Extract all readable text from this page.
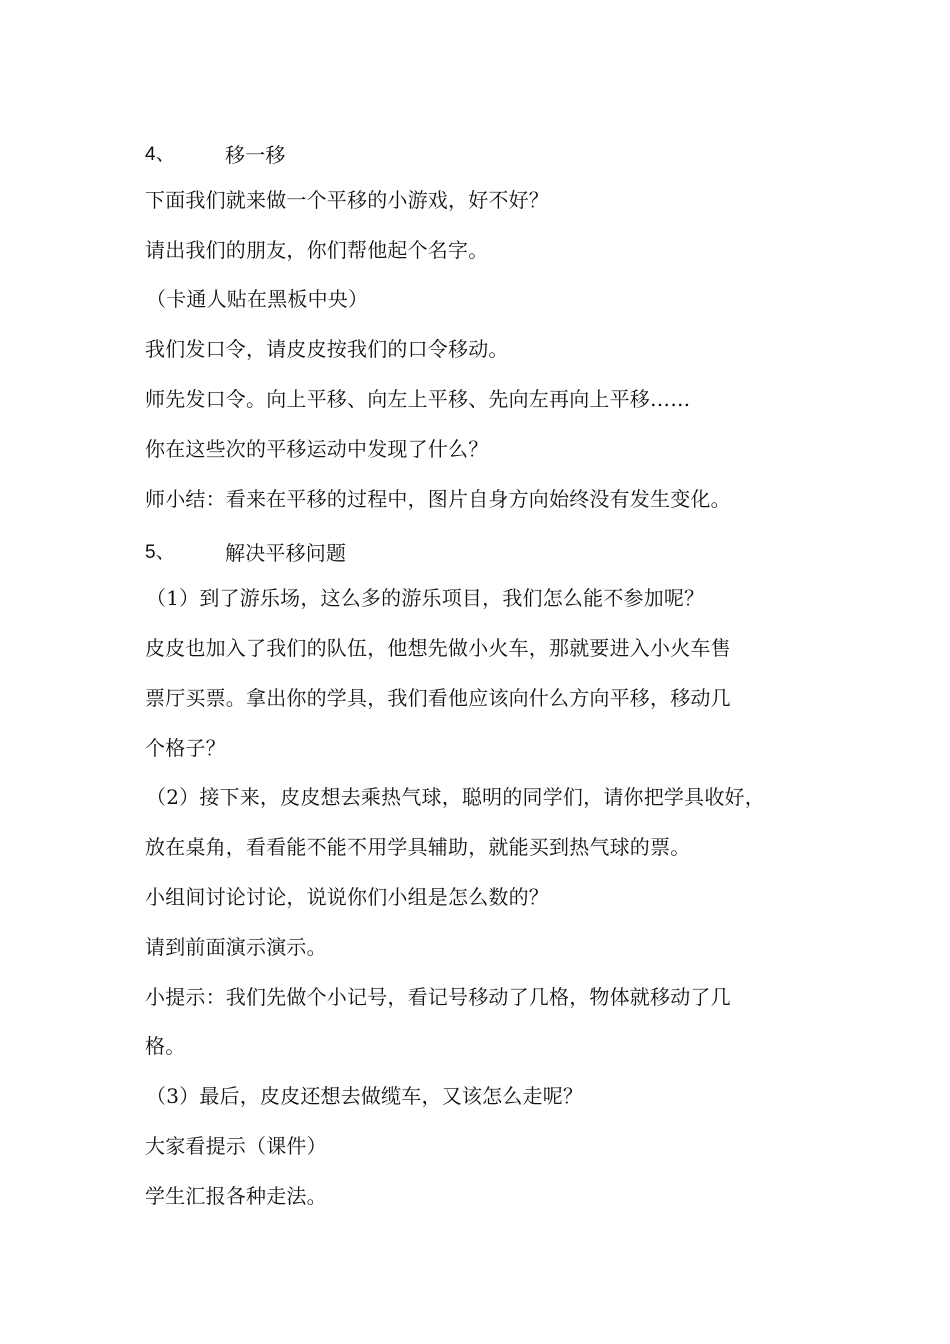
4、	移一移
下面我们就来做一个平移的小游戏，好不好？
请出我们的朋友，你们帮他起个名字。
（卡通人贴在黑板中央）
我们发口令，请皮皮按我们的口令移动。
师先发口令。向上平移、向左上平移、先向左再向上平移……
你在这些次的平移运动中发现了什么？
师小结：看来在平移的过程中，图片自身方向始终没有发生变化。
5、	解决平移问题
（1）到了游乐场，这么多的游乐项目，我们怎么能不参加呢？
皮皮也加入了我们的队伍，他想先做小火车，那就要进入小火车售
票厅买票。拿出你的学具，我们看他应该向什么方向平移，移动几
个格子？
（2）接下来，皮皮想去乘热气球，聪明的同学们，请你把学具收好，
放在桌角，看看能不能不用学具辅助，就能买到热气球的票。
小组间讨论讨论，说说你们小组是怎么数的？
请到前面演示演示。
小提示：我们先做个小记号，看记号移动了几格，物体就移动了几
格。
（3）最后，皮皮还想去做缆车，又该怎么走呢？
大家看提示（课件）
学生汇报各种走法。
